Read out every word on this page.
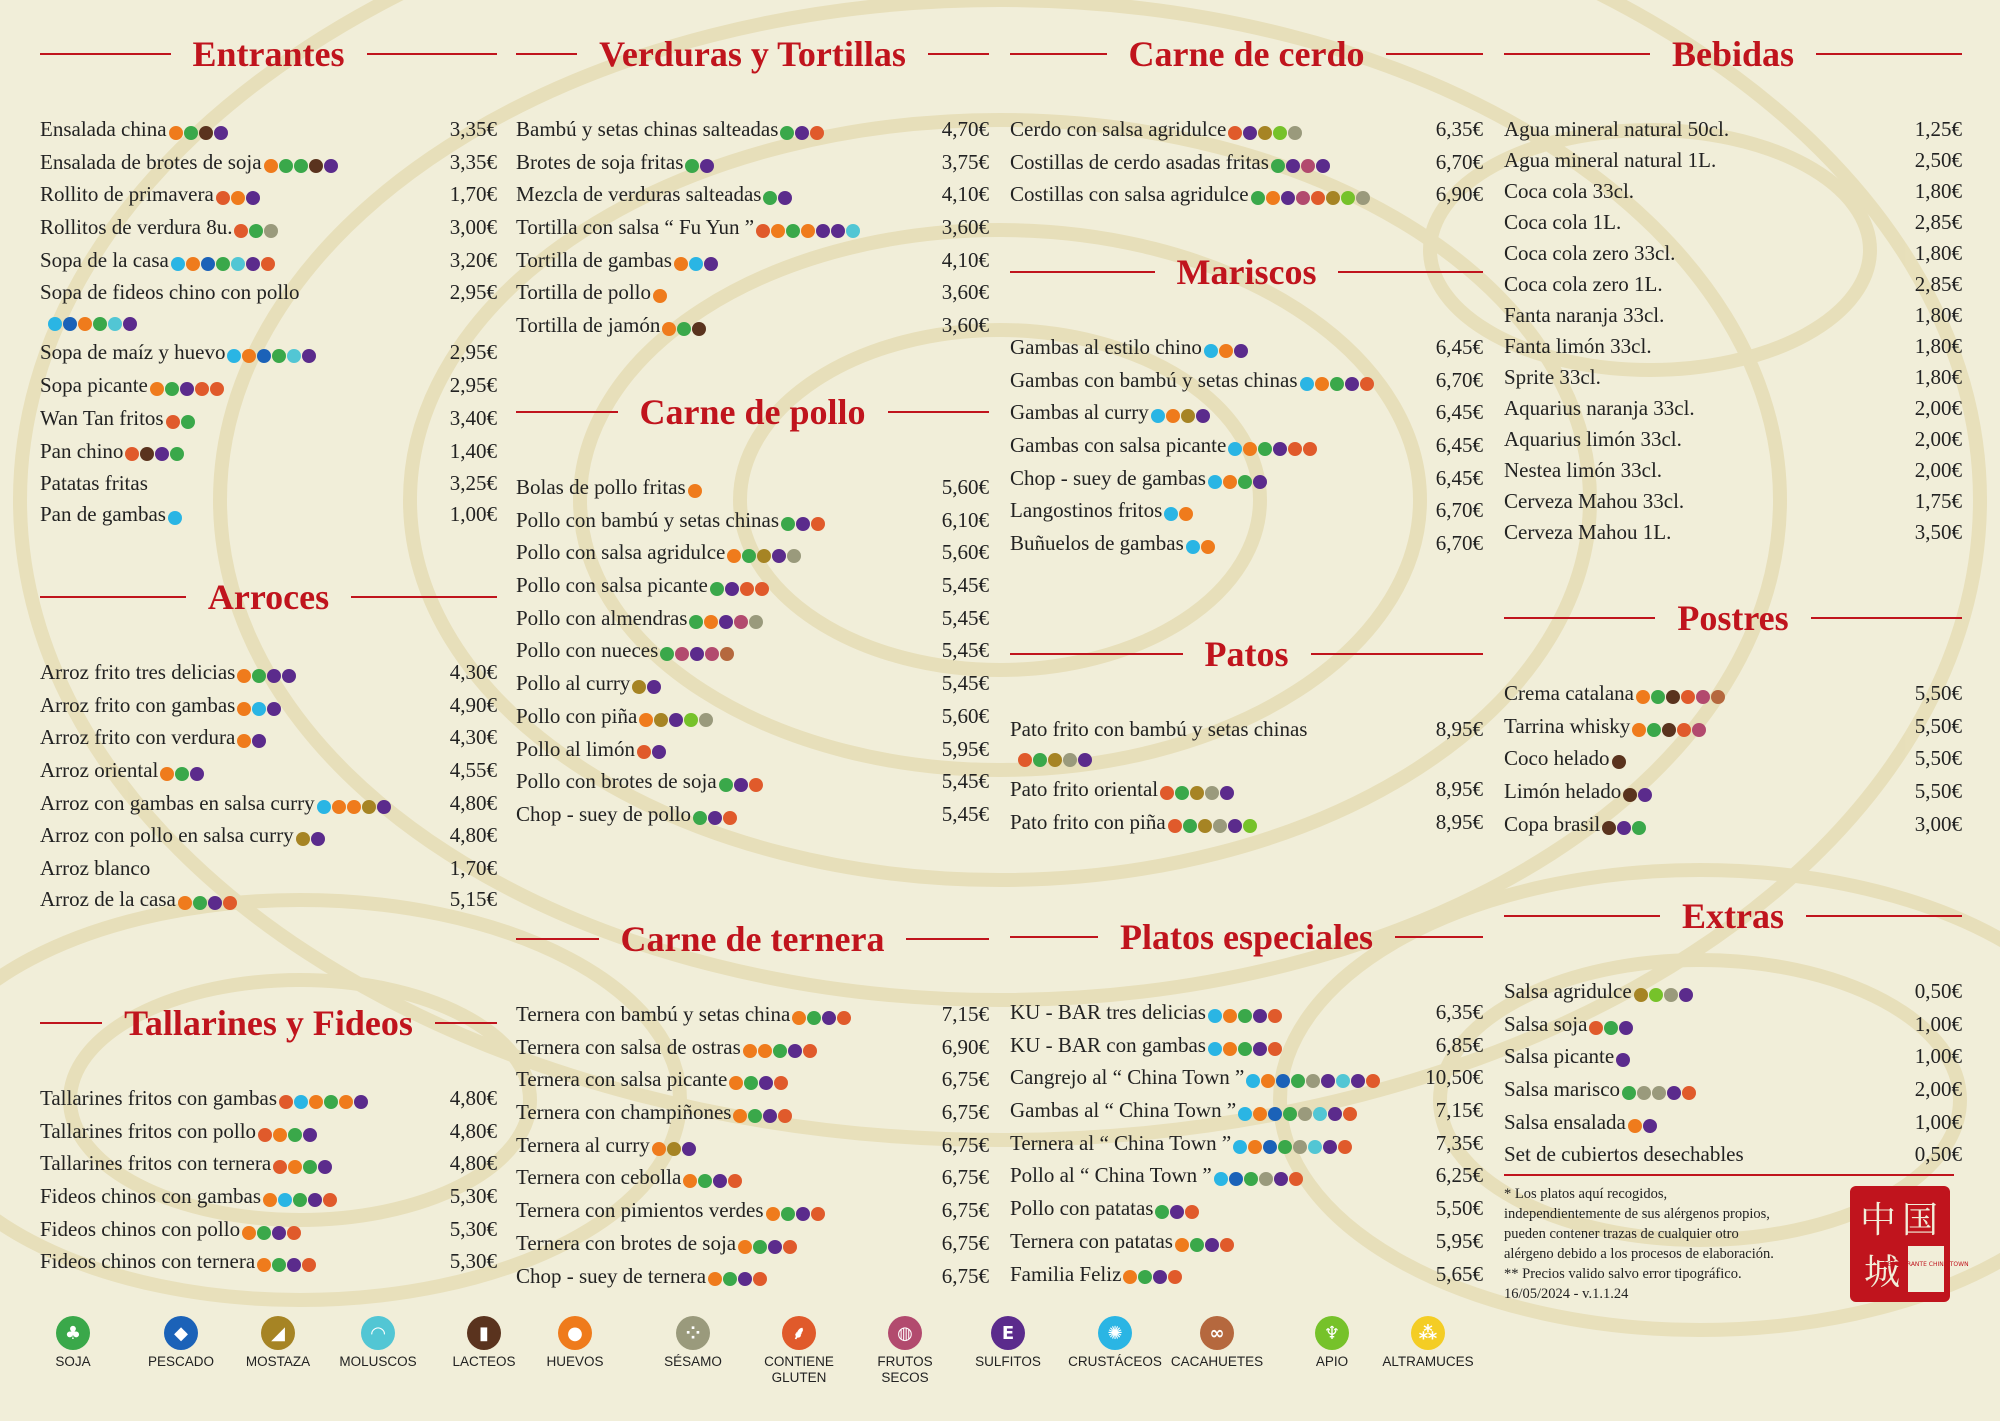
Entrantes
Ensalada china	3,35€
Ensalada de brotes de soja	3,35€
Rollito de primavera	1,70€
Rollitos de verdura 8u.	3,00€
Sopa de la casa	3,20€
Sopa de fideos chino con pollo	2,95€
Sopa de maíz y huevo	2,95€
Sopa picante	2,95€
Wan Tan fritos	3,40€
Pan chino	1,40€
Patatas fritas	3,25€
Pan de gambas	1,00€
Arroces
Arroz frito tres delicias	4,30€
Arroz frito con gambas	4,90€
Arroz frito con verdura	4,30€
Arroz oriental	4,55€
Arroz con gambas en salsa curry	4,80€
Arroz con pollo en salsa curry	4,80€
Arroz blanco	1,70€
Arroz de la casa	5,15€
Tallarines y Fideos
Tallarines fritos con gambas	4,80€
Tallarines fritos con pollo	4,80€
Tallarines fritos con ternera	4,80€
Fideos chinos con gambas	5,30€
Fideos chinos con pollo	5,30€
Fideos chinos con ternera	5,30€
Verduras y Tortillas
Bambú y setas chinas salteadas	4,70€
Brotes de soja fritas	3,75€
Mezcla de verduras salteadas	4,10€
Tortilla con salsa “ Fu Yun ”	3,60€
Tortilla de gambas	4,10€
Tortilla de pollo	3,60€
Tortilla de jamón	3,60€
Carne de pollo
Bolas de pollo fritas	5,60€
Pollo con bambú y setas chinas	6,10€
Pollo con salsa agridulce	5,60€
Pollo con salsa picante	5,45€
Pollo con almendras	5,45€
Pollo con nueces	5,45€
Pollo al curry	5,45€
Pollo con piña	5,60€
Pollo al limón	5,95€
Pollo con brotes de soja	5,45€
Chop - suey de pollo	5,45€
Carne de ternera
Ternera con bambú y setas china	7,15€
Ternera con salsa de ostras	6,90€
Ternera con salsa picante	6,75€
Ternera con champiñones	6,75€
Ternera al curry	6,75€
Ternera con cebolla	6,75€
Ternera con pimientos verdes	6,75€
Ternera con brotes de soja	6,75€
Chop - suey de ternera	6,75€
Carne de cerdo
Cerdo con salsa agridulce	6,35€
Costillas de cerdo asadas fritas	6,70€
Costillas con salsa agridulce	6,90€
Mariscos
Gambas al estilo chino	6,45€
Gambas con bambú y setas chinas	6,70€
Gambas al curry	6,45€
Gambas con salsa picante	6,45€
Chop - suey de gambas	6,45€
Langostinos fritos	6,70€
Buñuelos de gambas	6,70€
Patos
Pato frito con bambú y setas chinas	8,95€
Pato frito oriental	8,95€
Pato frito con piña	8,95€
Platos especiales
KU - BAR tres delicias	6,35€
KU - BAR con gambas	6,85€
Cangrejo al “ China Town ”	10,50€
Gambas al “ China Town ”	7,15€
Ternera al “ China Town ”	7,35€
Pollo al “ China Town ”	6,25€
Pollo con patatas	5,50€
Ternera con patatas	5,95€
Familia Feliz	5,65€
Bebidas
Agua mineral natural 50cl.	1,25€
Agua mineral natural 1L.	2,50€
Coca cola 33cl.	1,80€
Coca cola 1L.	2,85€
Coca cola zero 33cl.	1,80€
Coca cola zero 1L.	2,85€
Fanta naranja 33cl.	1,80€
Fanta limón 33cl.	1,80€
Sprite 33cl.	1,80€
Aquarius naranja 33cl.	2,00€
Aquarius limón 33cl.	2,00€
Nestea limón 33cl.	2,00€
Cerveza Mahou 33cl.	1,75€
Cerveza Mahou 1L.	3,50€
Postres
Crema catalana	5,50€
Tarrina whisky	5,50€
Coco helado	5,50€
Limón helado	5,50€
Copa brasil	3,00€
Extras
Salsa agridulce	0,50€
Salsa soja	1,00€
Salsa picante	1,00€
Salsa marisco	2,00€
Salsa ensalada	1,00€
Set de cubiertos desechables	0,50€
* Los platos aquí recogidos,
independientemente de sus alérgenos propios,
pueden contener trazas de cualquier otro
alérgeno debido a los procesos de elaboración.
** Precios valido salvo error tipográfico.
16/05/2024 - v.1.1.24
中 国
城
RESTAURANTE CHINA TOWN
♣
SOJA
◆
PESCADO
◢
MOSTAZA
◠
MOLUSCOS
▮
LACTEOS
●
HUEVOS
⁘
SÉSAMO
⸙
CONTIENE
GLUTEN
◍
FRUTOS
SECOS
E
SULFITOS
✺
CRUSTÁCEOS
∞
CACAHUETES
♆
APIO
⁂
ALTRAMUCES
